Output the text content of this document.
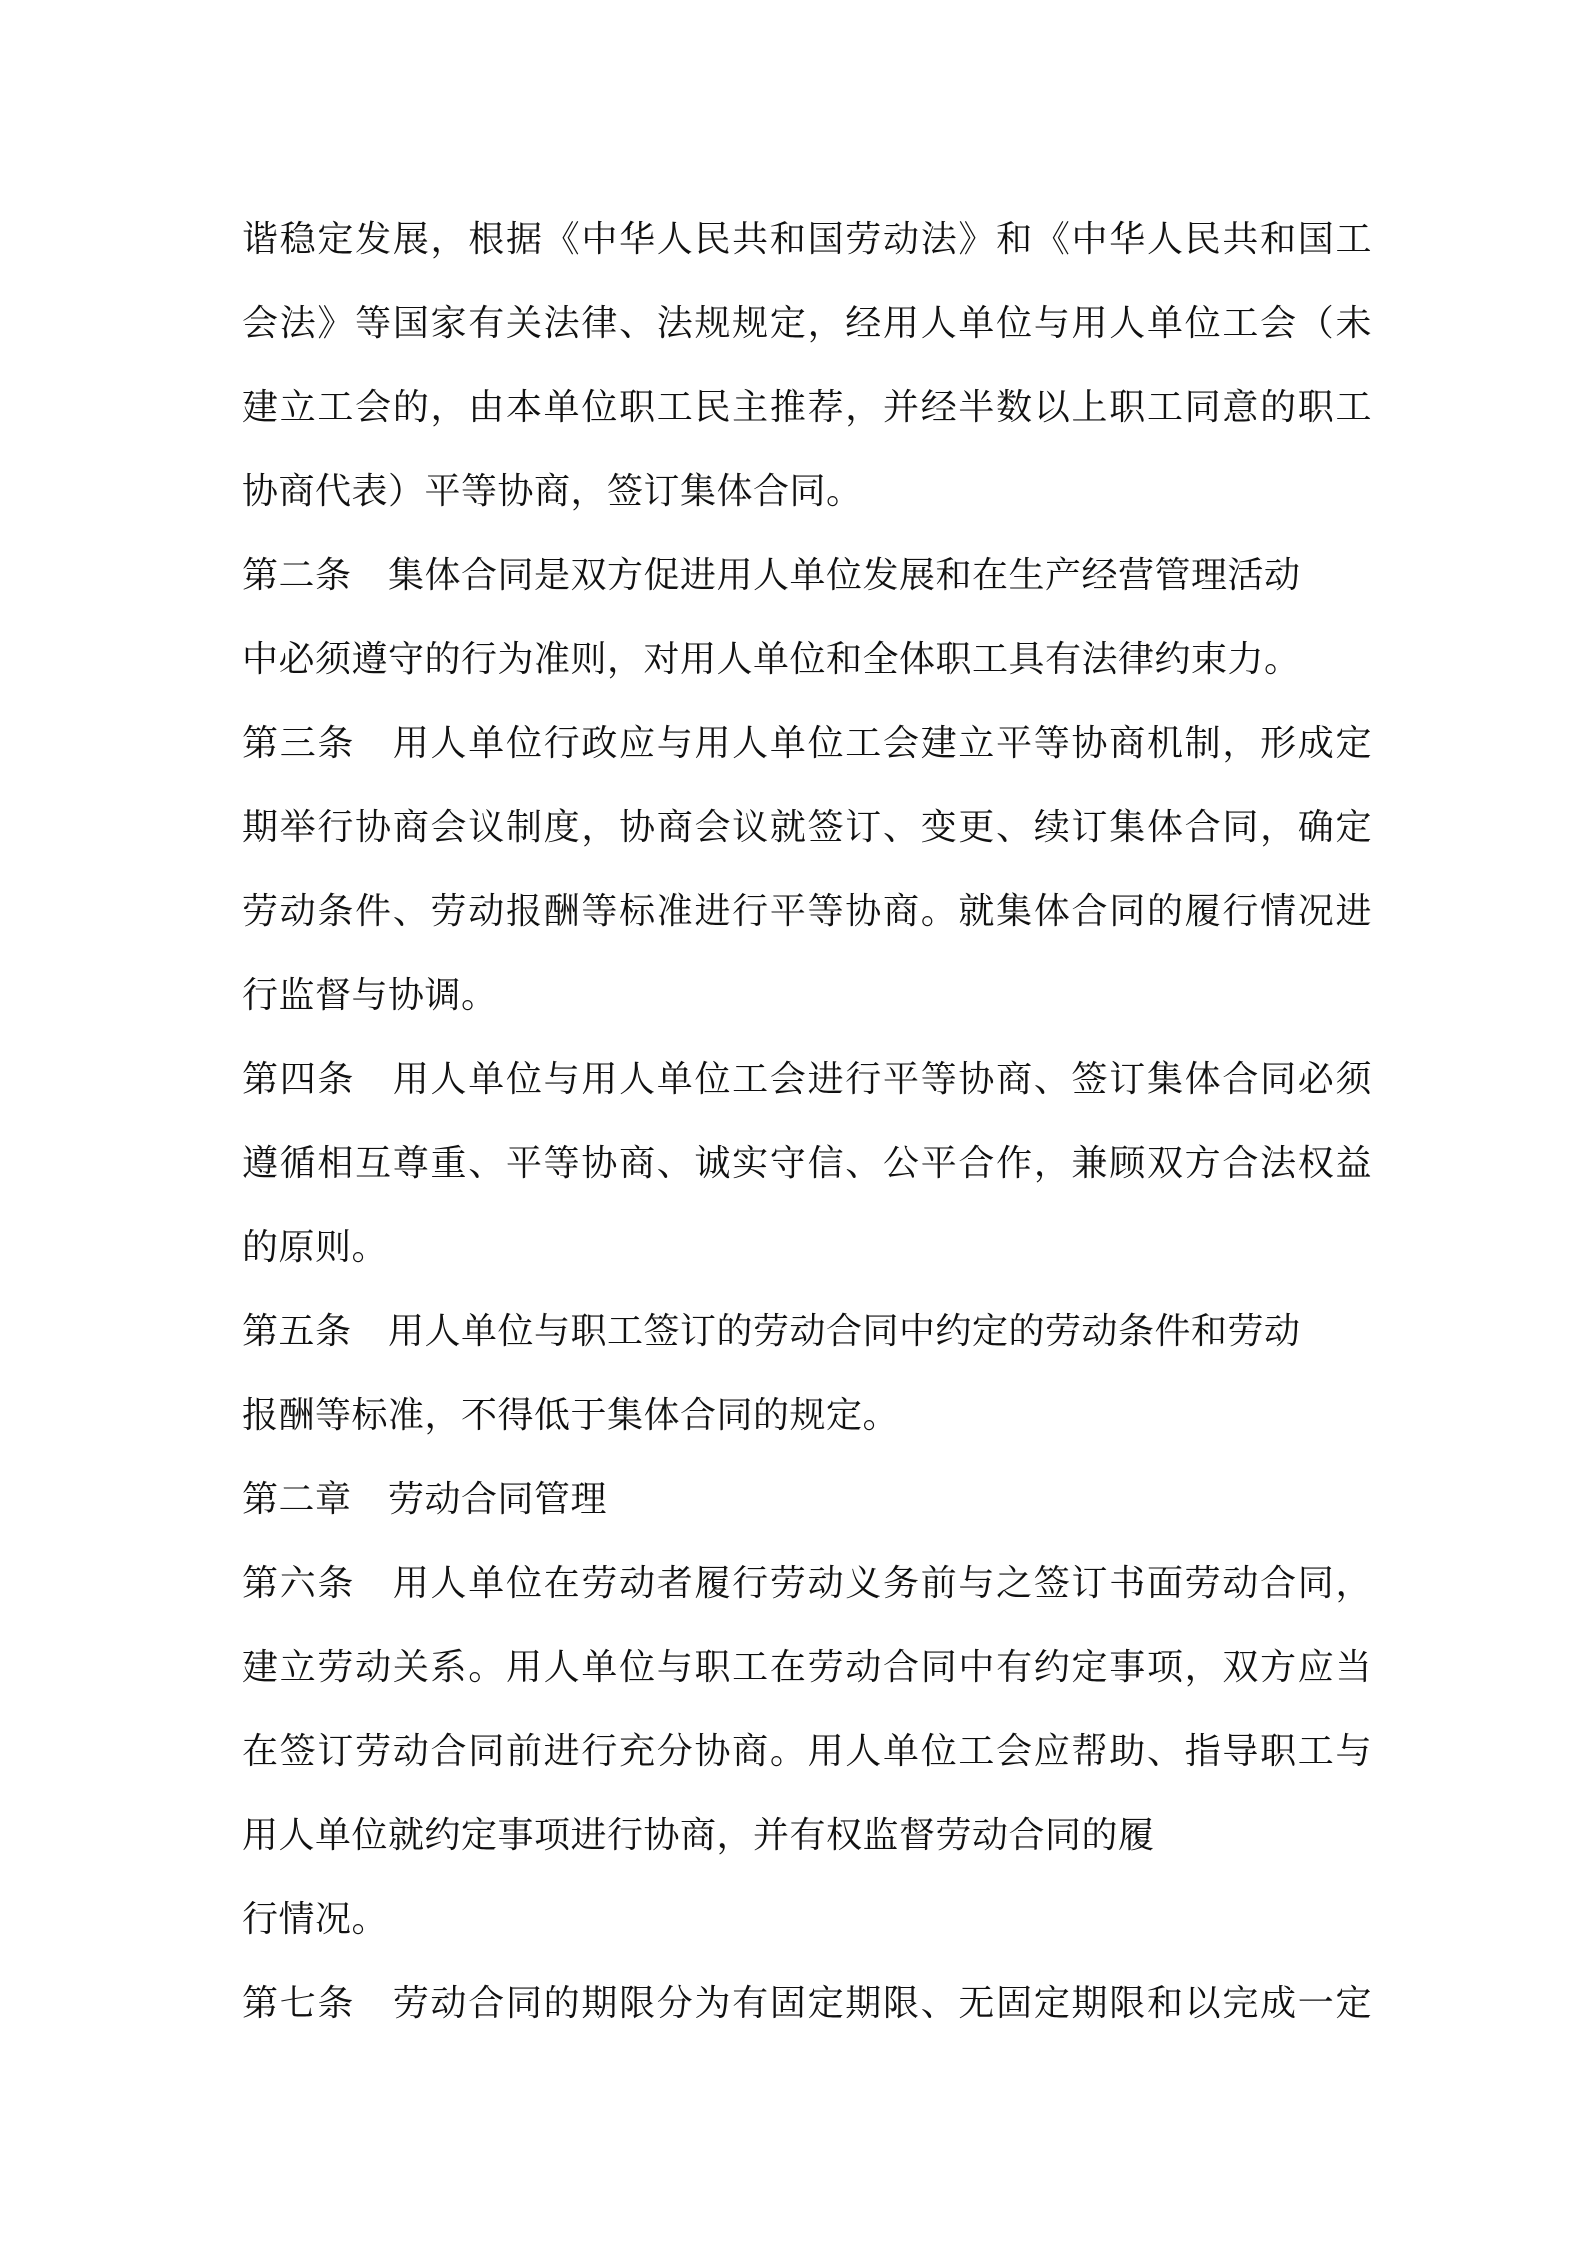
谐稳定发展，根据《中华人民共和国劳动法》和《中华人民共和国工
会法》等国家有关法律、法规规定，经用人单位与用人单位工会（未
建立工会的，由本单位职工民主推荐，并经半数以上职工同意的职工
协商代表）平等协商，签订集体合同。
第二条　集体合同是双方促进用人单位发展和在生产经营管理活动
中必须遵守的行为准则，对用人单位和全体职工具有法律约束力。
第三条　用人单位行政应与用人单位工会建立平等协商机制，形成定
期举行协商会议制度，协商会议就签订、变更、续订集体合同，确定
劳动条件、劳动报酬等标准进行平等协商。就集体合同的履行情况进
行监督与协调。
第四条　用人单位与用人单位工会进行平等协商、签订集体合同必须
遵循相互尊重、平等协商、诚实守信、公平合作，兼顾双方合法权益
的原则。
第五条　用人单位与职工签订的劳动合同中约定的劳动条件和劳动
报酬等标准，不得低于集体合同的规定。
第二章　劳动合同管理
第六条　用人单位在劳动者履行劳动义务前与之签订书面劳动合同，
建立劳动关系。用人单位与职工在劳动合同中有约定事项，双方应当
在签订劳动合同前进行充分协商。用人单位工会应帮助、指导职工与
用人单位就约定事项进行协商，并有权监督劳动合同的履
行情况。
第七条　劳动合同的期限分为有固定期限、无固定期限和以完成一定
